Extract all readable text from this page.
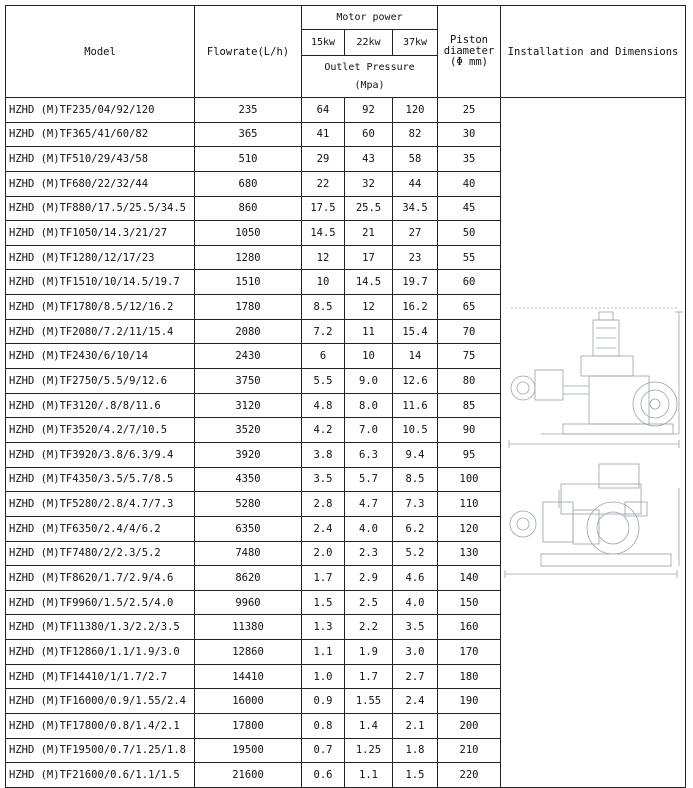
Model	Flowrate(L/h)	Motor power			Piston
diameter
(Φ mm)	Installation and Dimensions
		15kw	22kw	37kw		

		Outlet Pressure
(Mpa)				

HZHD (M)TF235/04/92/120	235	64	92	120	25	
HZHD (M)TF365/41/60/82	365	41	60	82	30	
HZHD (M)TF510/29/43/58	510	29	43	58	35	
HZHD (M)TF680/22/32/44	680	22	32	44	40	
HZHD (M)TF880/17.5/25.5/34.5	860	17.5	25.5	34.5	45	
HZHD (M)TF1050/14.3/21/27	1050	14.5	21	27	50	
HZHD (M)TF1280/12/17/23	1280	12	17	23	55	
HZHD (M)TF1510/10/14.5/19.7	1510	10	14.5	19.7	60	
HZHD (M)TF1780/8.5/12/16.2	1780	8.5	12	16.2	65	
HZHD (M)TF2080/7.2/11/15.4	2080	7.2	11	15.4	70	
HZHD (M)TF2430/6/10/14	2430	6	10	14	75	
HZHD (M)TF2750/5.5/9/12.6	3750	5.5	9.0	12.6	80	
HZHD (M)TF3120/.8/8/11.6	3120	4.8	8.0	11.6	85	
HZHD (M)TF3520/4.2/7/10.5	3520	4.2	7.0	10.5	90	
HZHD (M)TF3920/3.8/6.3/9.4	3920	3.8	6.3	9.4	95	
HZHD (M)TF4350/3.5/5.7/8.5	4350	3.5	5.7	8.5	100	
HZHD (M)TF5280/2.8/4.7/7.3	5280	2.8	4.7	7.3	110	
HZHD (M)TF6350/2.4/4/6.2	6350	2.4	4.0	6.2	120	
HZHD (M)TF7480/2/2.3/5.2	7480	2.0	2.3	5.2	130	
HZHD (M)TF8620/1.7/2.9/4.6	8620	1.7	2.9	4.6	140	
HZHD (M)TF9960/1.5/2.5/4.0	9960	1.5	2.5	4.0	150	
HZHD (M)TF11380/1.3/2.2/3.5	11380	1.3	2.2	3.5	160	
HZHD (M)TF12860/1.1/1.9/3.0	12860	1.1	1.9	3.0	170	
HZHD (M)TF14410/1/1.7/2.7	14410	1.0	1.7	2.7	180	
HZHD (M)TF16000/0.9/1.55/2.4	16000	0.9	1.55	2.4	190	
HZHD (M)TF17800/0.8/1.4/2.1	17800	0.8	1.4	2.1	200	
HZHD (M)TF19500/0.7/1.25/1.8	19500	0.7	1.25	1.8	210	
HZHD (M)TF21600/0.6/1.1/1.5	21600	0.6	1.1	1.5	220	
